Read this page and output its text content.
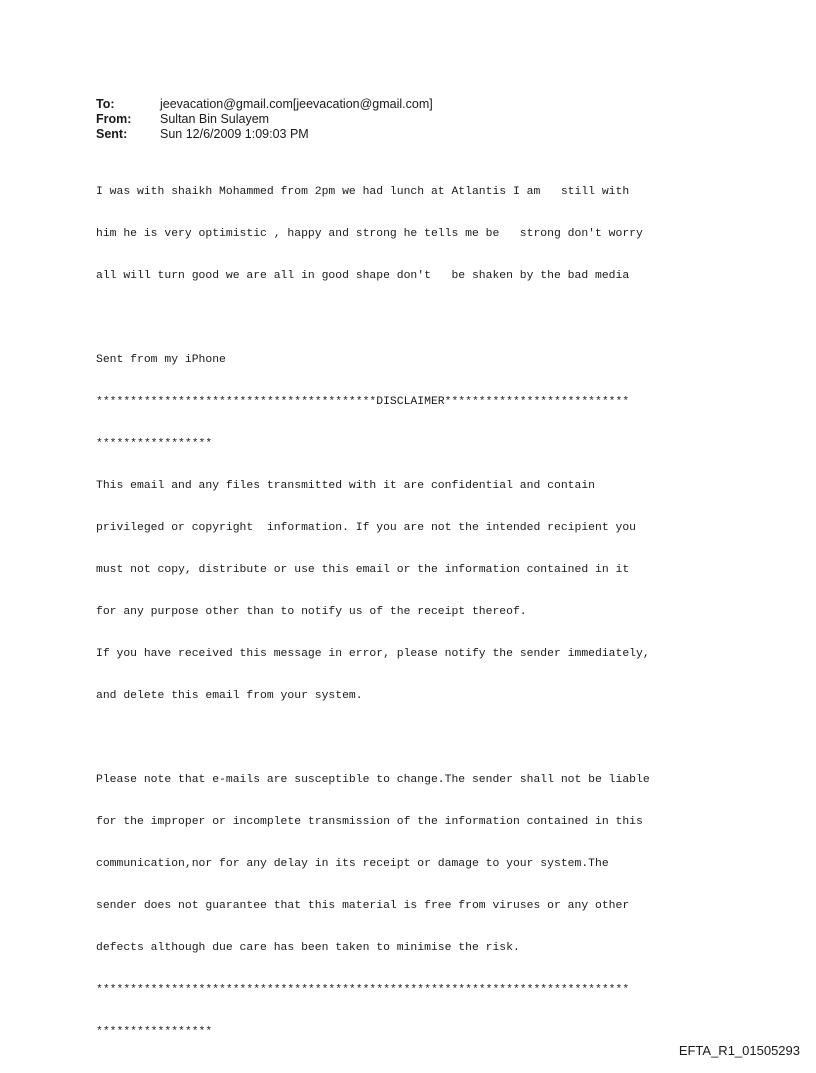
To:	jeevacation@gmail.com[jeevacation@gmail.com]
From:	Sultan Bin Sulayem
Sent:	Sun 12/6/2009 1:09:03 PM

I was with shaikh Mohammed from 2pm we had lunch at Atlantis I am   still with

him he is very optimistic , happy and strong he tells me be   strong don't worry

all will turn good we are all in good shape don't   be shaken by the bad media

Sent from my iPhone

*****************************************DISCLAIMER***************************

*****************

This email and any files transmitted with it are confidential and contain

privileged or copyright  information. If you are not the intended recipient you

must not copy, distribute or use this email or the information contained in it

for any purpose other than to notify us of the receipt thereof.

If you have received this message in error, please notify the sender immediately,

and delete this email from your system.

Please note that e-mails are susceptible to change.The sender shall not be liable

for the improper or incomplete transmission of the information contained in this

communication,nor for any delay in its receipt or damage to your system.The

sender does not guarantee that this material is free from viruses or any other

defects although due care has been taken to minimise the risk.

******************************************************************************

*****************

EFTA_R1_01505293
